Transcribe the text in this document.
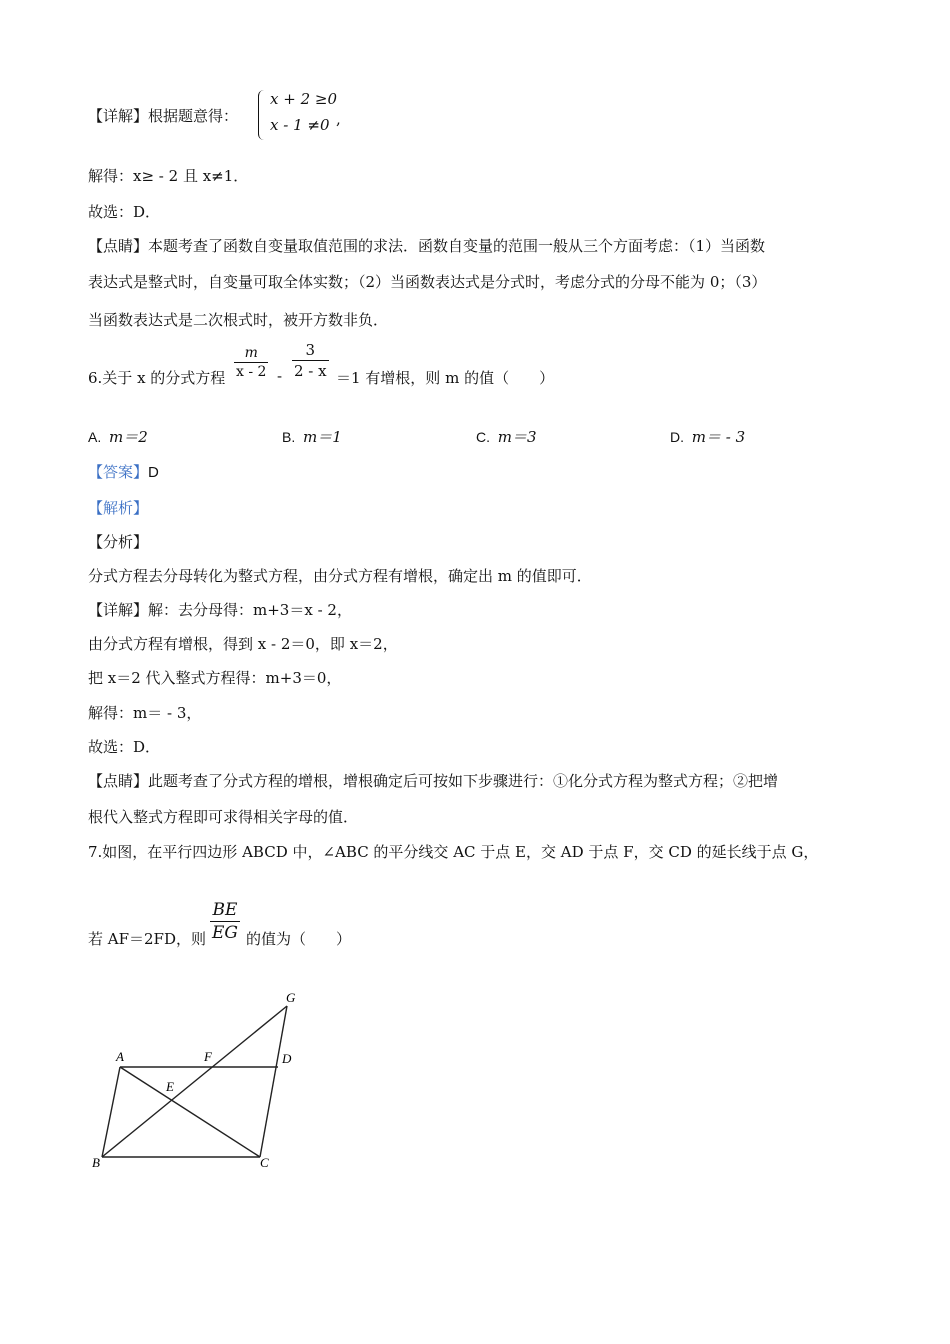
【详解】根据题意得：
x + 2 ≥0
x - 1 ≠0 ,
解得：x≥ - 2 且 x≠1．
故选：D．
【点睛】本题考查了函数自变量取值范围的求法．函数自变量的范围一般从三个方面考虑：（1）当函数
表达式是整式时，自变量可取全体实数；（2）当函数表达式是分式时，考虑分式的分母不能为 0；（3）
当函数表达式是二次根式时，被开方数非负．
6.关于 x 的分式方程
m
x - 2 -
3
2 - x ＝1 有增根，则 m 的值（　　）
A. m＝2	B. m＝1	C. m＝3	D. m＝ - 3
【答案】D
【解析】
【分析】
分式方程去分母转化为整式方程，由分式方程有增根，确定出 m 的值即可．
【详解】解：去分母得：m+3＝x - 2，
由分式方程有增根，得到 x - 2＝0，即 x＝2，
把 x＝2 代入整式方程得：m+3＝0，
解得：m＝ - 3，
故选：D．
【点睛】此题考查了分式方程的增根，增根确定后可按如下步骤进行：①化分式方程为整式方程；②把增
根代入整式方程即可求得相关字母的值．
7.如图，在平行四边形 ABCD 中，∠ABC 的平分线交 AC 于点 E，交 AD 于点 F，交 CD 的延长线于点 G，
若 AF＝2FD，则
BE
EG 的值为（　　）
A
B	C
D
E
F
G
